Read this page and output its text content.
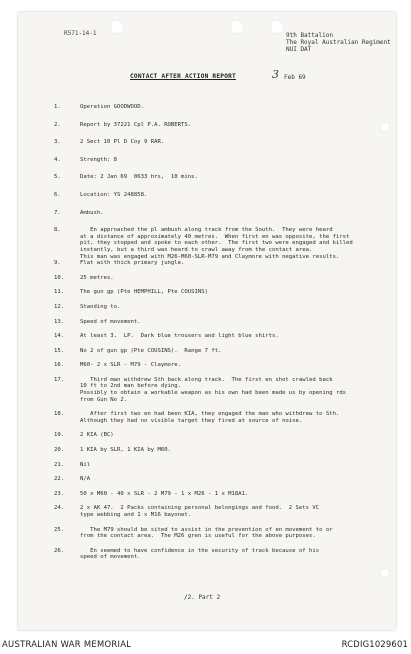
R571-14-1	9th Battalion
The Royal Australian Regiment
NUI DAT
CONTACT AFTER ACTION REPORT	3 Feb 69
1.	Operation GOODWOOD.
2.	Report by 37221 Cpl P.A. ROBERTS.
3.	2 Sect 10 Pl D Coy 9 RAR.
4.	Strength: 8
5.	Date: 2 Jan 69  0633 hrs,  10 mins.
6.	Location: YS 248858.
7.	Ambush.
8.	En approached the pl ambush along track from the South.  They were heard
at a distance of approximately 40 metres.  When first en was opposite, the first
pit, they stopped and spoke to each other.  The first two were engaged and killed
instantly, but a third was heard to crawl away from the contact area.
This man was engaged with M26-M60-SLR-M79 and Claymore with negative results.
9.	Flat with thick primary jungle.
10.	25 metres.
11.	The gun gp (Pte HEMPHILL, Pte COUSINS)
12.	Standing to.
13.	Speed of movement.
14.	At least 3.  LP.  Dark blue trousers and light blue shirts.
15.	No 2 of gun gp (Pte COUSINS).  Range 7 ft.
16.	M60- 2 x SLR - M79 - Claymore.
17.	Third man withdrew Sth back along track.  The first en shot crawled back
10 ft to 2nd man before dying.
Possibly to obtain a workable weapon as his own had been made us by opening rds
from Gun No 2.
18.	After first two en had been KIA, they engaged the man who withdrew to Sth.
Although they had no visible target they fired at source of noise.
19.	2 KIA (BC)
20.	1 KIA by SLR, 1 KIA by M60.
21.	Nil
22.	N/A
23.	50 x M60 - 40 x SLR - 2 M79 - 1 x M26 - 1 x M18A1.
24.	2 x AK 47.  2 Packs containing personal belongings and food.  2 Sets VC
type webbing and 1 x M16 bayonet.
25.	The M79 should be sited to assist in the prevention of en movement to or
from the contact area.  The M26 gren is useful for the above purposes.
26.	En seemed to have confidence in the security of track because of his
speed of movement.
/2. Part 2
AUSTRALIAN WAR MEMORIAL	RCDIG1029601
